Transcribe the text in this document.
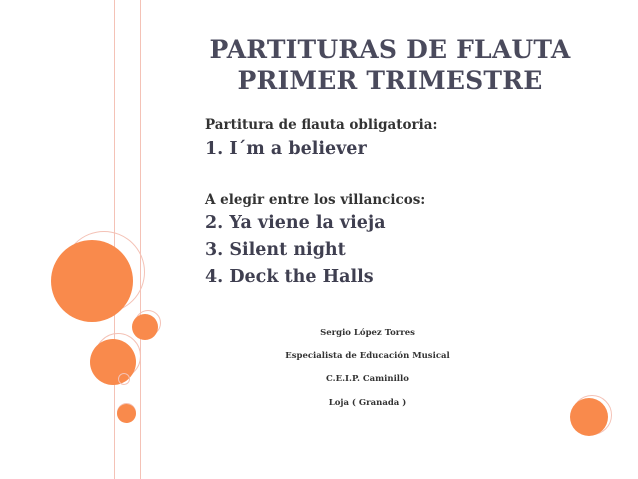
PARTITURAS DE FLAUTA
PRIMER TRIMESTRE
Partitura de flauta obligatoria:
1. I´m a believer
A elegir entre los villancicos:
2. Ya viene la vieja
3. Silent night
4. Deck the Halls
Sergio López Torres
Especialista de Educación Musical
C.E.I.P. Caminillo
Loja ( Granada )
